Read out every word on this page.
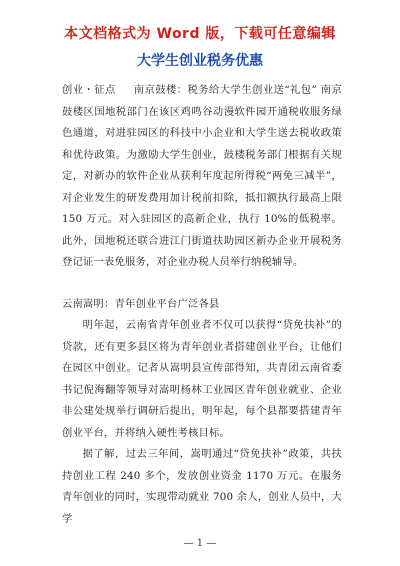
本文档格式为 Word 版，下载可任意编辑
大学生创业税务优惠

创业・征点 南京鼓楼：税务给大学生创业送“礼包” 南京鼓楼区国地税部门在该区鸡鸣谷动漫软件园开通税收服务绿色通道，对进驻园区的科技中小企业和大学生送去税收政策和优待政策。为激励大学生创业，鼓楼税务部门根据有关规定，对新办的软件企业从获利年度起所得税“两免三减半”，对企业发生的研发费用加计税前扣除，抵扣额执行最高上限 150 万元。对入驻园区的高新企业，执行 10%的低税率。此外，国地税还联合进江门街道扶助园区新办企业开展税务登记证一表免服务，对企业办税人员举行纳税辅导。

云南嵩明：青年创业平台广泛各县

明年起，云南省青年创业者不仅可以获得“贷免扶补”的贷款，还有更多县区将为青年创业者搭建创业平台，让他们在园区中创业。记者从嵩明县宣传部得知，共青团云南省委书记倪海翻等领导对嵩明杨林工业园区青年创业就业、企业非公建处规举行调研后提出，明年起，每个县都要搭建青年创业平台，并将纳入硬性考核目标。

据了解，过去三年间，嵩明通过“贷免扶补”政策，共扶持创业工程 240 多个，发放创业资金 1170 万元。在服务青年创业的同时，实现带动就业 700 余人，创业人员中，大学

— 1 —
